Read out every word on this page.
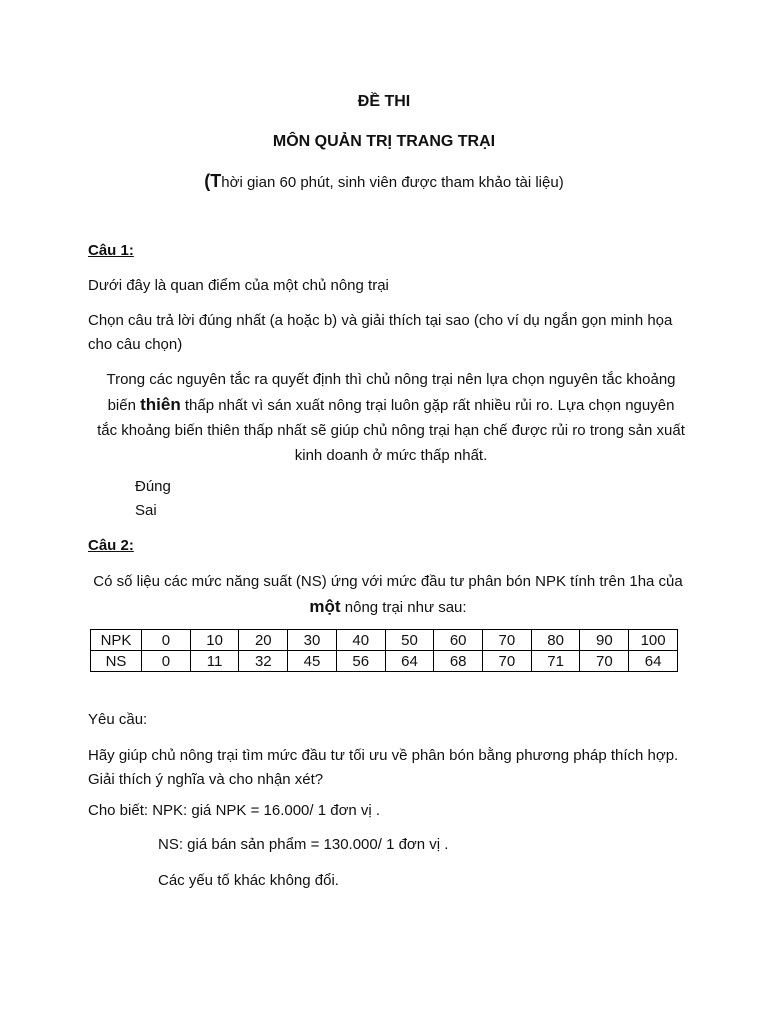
ĐỀ THI
MÔN QUẢN TRỊ TRANG TRẠI
(Thời gian 60 phút, sinh viên được tham khảo tài liệu)
Câu 1:
Dưới đây là quan điểm của một chủ nông trại
Chọn câu trả lời đúng nhất (a hoặc b) và giải thích tại sao (cho ví dụ ngắn gọn minh họa cho câu chọn)
Trong các nguyên tắc ra quyết định thì chủ nông trại nên lựa chọn nguyên tắc khoảng biến thiên thấp nhất vì sán xuất nông trại luôn gặp rất nhiều rủi ro. Lựa chọn nguyên tắc khoảng biến thiên thấp nhất sẽ giúp chủ nông trại hạn chế được rủi ro trong sản xuất kinh doanh ở mức thấp nhất.
Đúng
Sai
Câu 2:
Có số liệu các mức năng suất (NS) ứng với mức đầu tư phân bón NPK tính trên 1ha của một nông trại như sau:
NPK	0	10	20	30	40	50	60	70	80	90	100
NS	0	11	32	45	56	64	68	70	71	70	64
Yêu cầu:
Hãy giúp chủ nông trại tìm mức đầu tư tối ưu về phân bón bằng phương pháp thích hợp. Giải thích ý nghĩa và cho nhận xét?
Cho biết: NPK: giá NPK = 16.000/ 1 đơn vị .
NS: giá bán sản phẩm = 130.000/ 1 đơn vị .
Các yếu tố khác không đổi.
